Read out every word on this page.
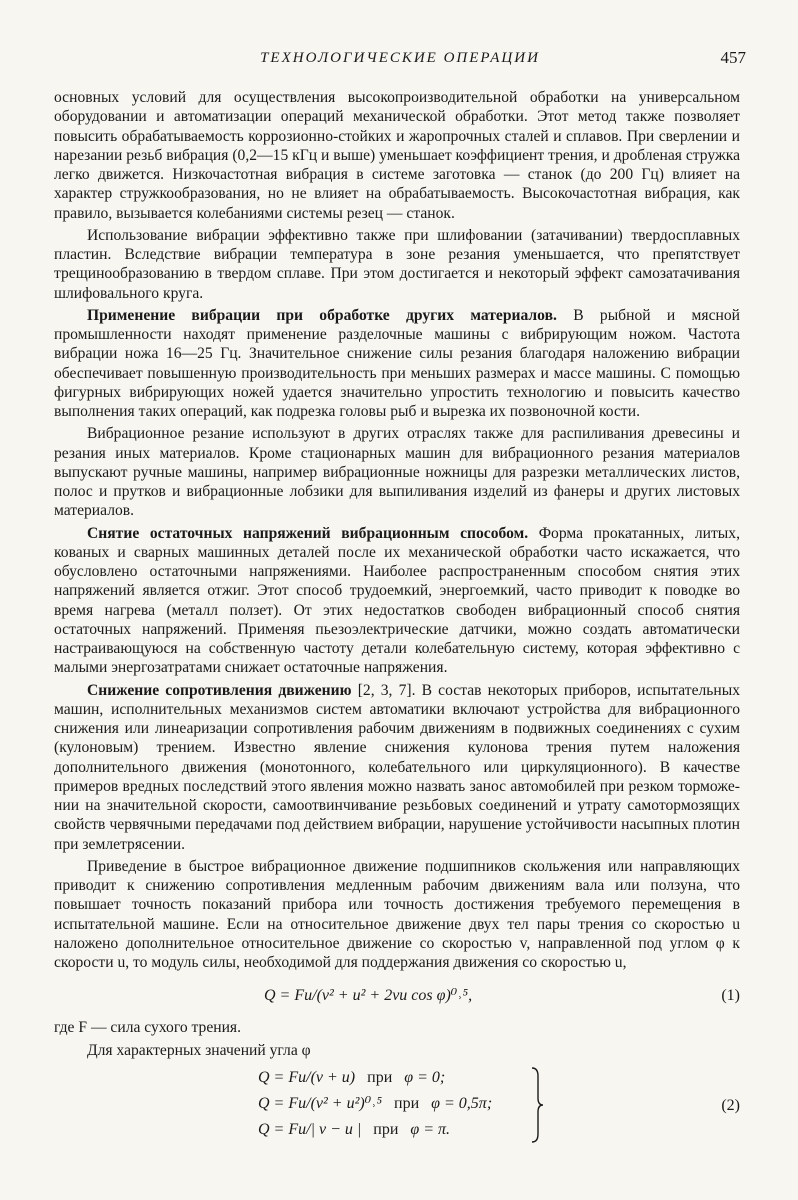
ТЕХНОЛОГИЧЕСКИЕ ОПЕРАЦИИ	457

основных условий для осуществления высокопроизводительной обработки на универсальном оборудовании и автоматизации операций механической обработки. Этот метод также позволяет повысить обрабатываемость коррозионно-стойких и жаропрочных сталей и сплавов. При сверлении и нарезании резьб вибрация (0,2—15 кГц и выше) уменьшает коэффициент трения, и дробленая стружка легко движется. Низкочастотная вибрация в системе заготовка — станок (до 200 Гц) влияет на характер стружкообразования, но не влияет на обрабатываемость. Высокочастотная вибрация, как правило, вызывается колебаниями системы резец — станок.

Использование вибрации эффективно также при шлифовании (затачивании) твердосплавных пластин. Вследствие вибрации температура в зоне резания уменьшается, что препятствует трещинообразованию в твердом сплаве. При этом достигается и некоторый эффект самозатачивания шлифовального круга.

Применение вибрации при обработке других материалов. В рыбной и мясной промышленности находят применение разделочные машины с вибрирующим ножом. Частота вибрации ножа 16—25 Гц. Значительное снижение силы резания благодаря наложению вибрации обеспечивает повышенную производительность при меньших размерах и массе машины. С помощью фигурных вибрирующих ножей удается значительно упростить технологию и повысить качество выполнения таких операций, как подрезка головы рыб и вырезка их позвоночной кости.

Вибрационное резание используют в других отраслях также для распиливания древесины и резания иных материалов. Кроме стационарных машин для вибрационного резания материалов выпускают ручные машины, например вибрационные ножницы для разрезки металлических листов, полос и прутков и вибрационные лобзики для выпиливания изделий из фанеры и других листовых материалов.

Снятие остаточных напряжений вибрационным способом. Форма прокатанных, литых, кованых и сварных машинных деталей после их механической обработки часто искажается, что обусловлено остаточными напряжениями. Наиболее распространенным способом снятия этих напряжений является отжиг. Этот способ трудоемкий, энергоемкий, часто приводит к поводке во время нагрева (металл ползет). От этих недостатков свободен вибрационный способ снятия остаточных напряжений. Применяя пьезоэлектрические датчики, можно создать автоматически настраивающуюся на собственную частоту детали колебательную систему, которая эффективно с малыми энергозатратами снижает остаточные напряжения.

Снижение сопротивления движению [2, 3, 7]. В состав некоторых приборов, испытательных машин, исполнительных механизмов систем автоматики включают устройства для вибрационного снижения или линеаризации сопротивления рабочим движениям в подвижных соединениях с сухим (кулоновым) трением. Известно явление снижения кулонова трения путем наложения дополнительного движения (монотонного, колебательного или циркуляционного). В качестве примеров вредных последствий этого явления можно назвать занос автомобилей при резком торможении на значительной скорости, самоотвинчивание резьбовых соединений и утрату самотормозящих свойств червячными передачами под действием вибрации, нарушение устойчивости насыпных плотин при землетрясении.

Приведение в быстрое вибрационное движение подшипников скольжения или направляющих приводит к снижению сопротивления медленным рабочим движениям вала или ползуна, что повышает точность показаний прибора или точность достижения требуемого перемещения в испытательной машине. Если на относительное движение двух тел пары трения со скоростью u наложено дополнительное относительное движение со скоростью v, направленной под углом φ к скорости u, то модуль силы, необходимой для поддержания движения со скоростью u,

Q = Fu/(v² + u² + 2vu cos φ)⁰˒⁵,	(1)

где F — сила сухого трения.

Для характерных значений угла φ

Q = Fu/(v + u) при φ = 0;
Q = Fu/(v² + u²)⁰˒⁵ при φ = 0,5π;
Q = Fu/| v − u | при φ = π.
(2)
